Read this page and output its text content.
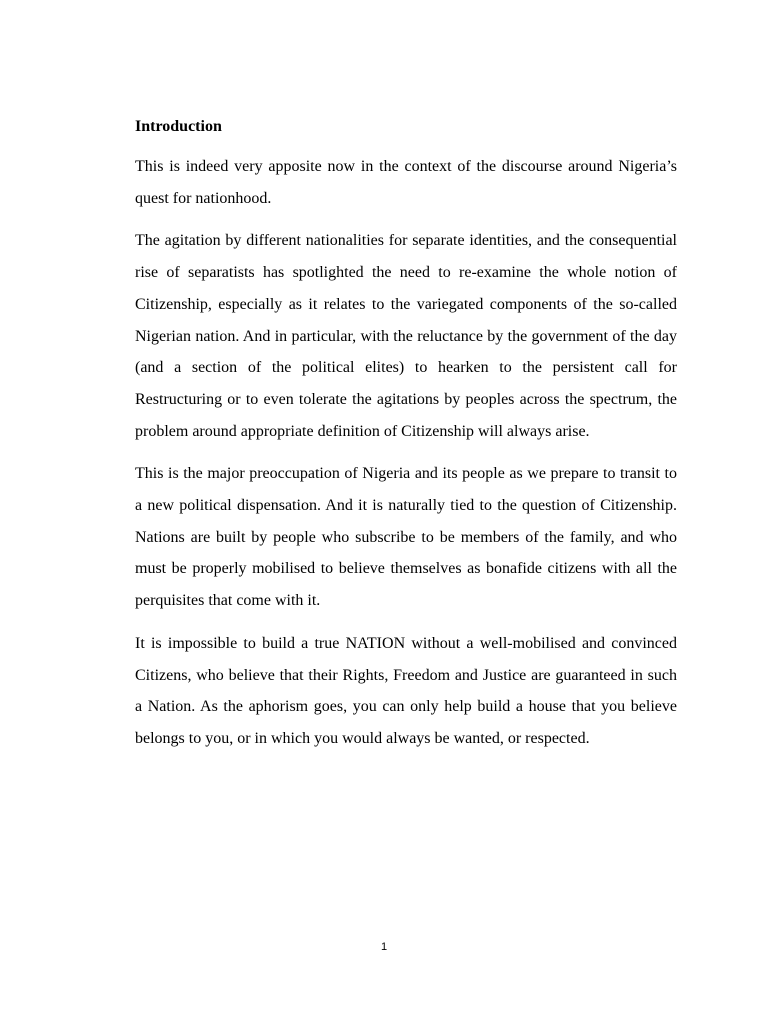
Introduction

This is indeed very apposite now in the context of the discourse around Nigeria’s quest for nationhood.

The agitation by different nationalities for separate identities, and the consequential rise of separatists has spotlighted the need to re-examine the whole notion of Citizenship, especially as it relates to the variegated components of the so-called Nigerian nation. And in particular, with the reluctance by the government of the day (and a section of the political elites) to hearken to the persistent call for Restructuring or to even tolerate the agitations by peoples across the spectrum, the problem around appropriate definition of Citizenship will always arise.

This is the major preoccupation of Nigeria and its people as we prepare to transit to a new political dispensation. And it is naturally tied to the question of Citizenship. Nations are built by people who subscribe to be members of the family, and who must be properly mobilised to believe themselves as bonafide citizens with all the perquisites that come with it.

It is impossible to build a true NATION without a well-mobilised and convinced Citizens, who believe that their Rights, Freedom and Justice are guaranteed in such a Nation. As the aphorism goes, you can only help build a house that you believe belongs to you, or in which you would always be wanted, or respected.

1
